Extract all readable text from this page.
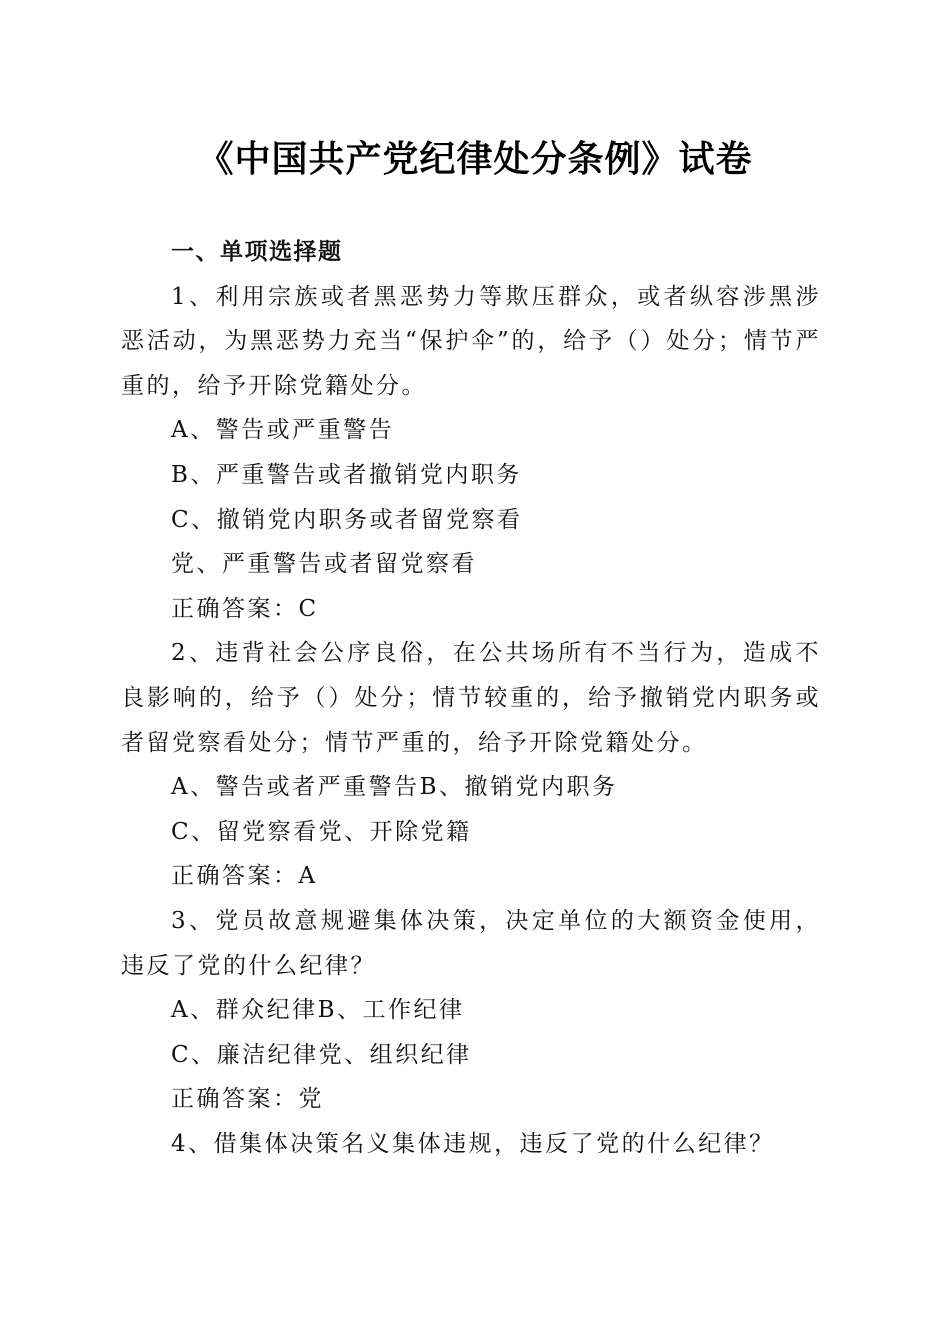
《中国共产党纪律处分条例》试卷

一、单项选择题

1、利用宗族或者黑恶势力等欺压群众，或者纵容涉黑涉恶活动，为黑恶势力充当“保护伞”的，给予（）处分；情节严重的，给予开除党籍处分。

A、警告或严重警告

B、严重警告或者撤销党内职务

C、撤销党内职务或者留党察看

党、严重警告或者留党察看

正确答案：C

2、违背社会公序良俗，在公共场所有不当行为，造成不良影响的，给予（）处分；情节较重的，给予撤销党内职务或者留党察看处分；情节严重的，给予开除党籍处分。

A、警告或者严重警告B、撤销党内职务

C、留党察看党、开除党籍

正确答案：A

3、党员故意规避集体决策，决定单位的大额资金使用，违反了党的什么纪律？

A、群众纪律B、工作纪律

C、廉洁纪律党、组织纪律

正确答案：党

4、借集体决策名义集体违规，违反了党的什么纪律？
